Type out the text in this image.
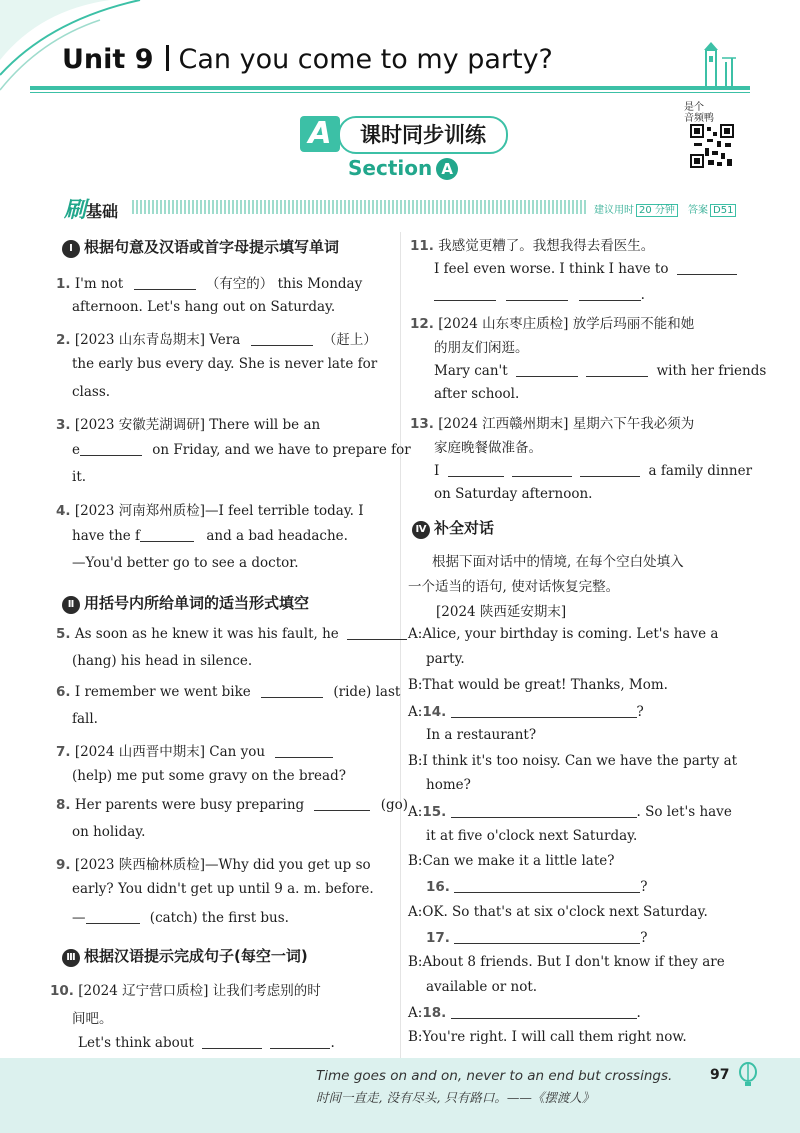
Unit 9 Can you come to my party?
A	课时同步训练
Section A
是个
音频鸭
刷基础	建议用时 20 分钟	答案 D51
Ⅰ 根据句意及汉语或首字母提示填写单词
1. I'm not	（有空的） this Monday
afternoon. Let's hang out on Saturday.
2. [2023 山东青岛期末] Vera	（赶上）
the early bus every day. She is never late for
class.
3. [2023 安徽芜湖调研] There will be an
e	on Friday, and we have to prepare for
it.
4. [2023 河南郑州质检]—I feel terrible today. I
have the f	and a bad headache.
—You'd better go to see a doctor.
Ⅱ 用括号内所给单词的适当形式填空
5. As soon as he knew it was his fault, he
(hang) his head in silence.
6. I remember we went bike	(ride) last
fall.
7. [2024 山西晋中期末] Can you
(help) me put some gravy on the bread?
8. Her parents were busy preparing	(go)
on holiday.
9. [2023 陕西榆林质检]—Why did you get up so
early? You didn't get up until 9 a. m. before.
—	(catch) the first bus.
Ⅲ 根据汉语提示完成句子(每空一词)
10. [2024 辽宁营口质检] 让我们考虑别的时
间吧。
Let's think about	.
11. 我感觉更糟了。我想我得去看医生。
I feel even worse. I think I have to
.
12. [2024 山东枣庄质检] 放学后玛丽不能和她
的朋友们闲逛。
Mary can't	with her friends
after school.
13. [2024 江西赣州期末] 星期六下午我必须为
家庭晚餐做准备。
I	a family dinner
on Saturday afternoon.
Ⅳ 补全对话
根据下面对话中的情境, 在每个空白处填入
一个适当的语句, 使对话恢复完整。
[2024 陕西延安期末]
A:Alice, your birthday is coming. Let's have a
party.
B:That would be great! Thanks, Mom.
A:14.	?
In a restaurant?
B:I think it's too noisy. Can we have the party at
home?
A:15.	. So let's have
it at five o'clock next Saturday.
B:Can we make it a little late?
16.	?
A:OK. So that's at six o'clock next Saturday.
17.	?
B:About 8 friends. But I don't know if they are
available or not.
A:18.	.
B:You're right. I will call them right now.
Time goes on and on, never to an end but crossings.
时间一直走, 没有尽头, 只有路口。——《摆渡人》
97
